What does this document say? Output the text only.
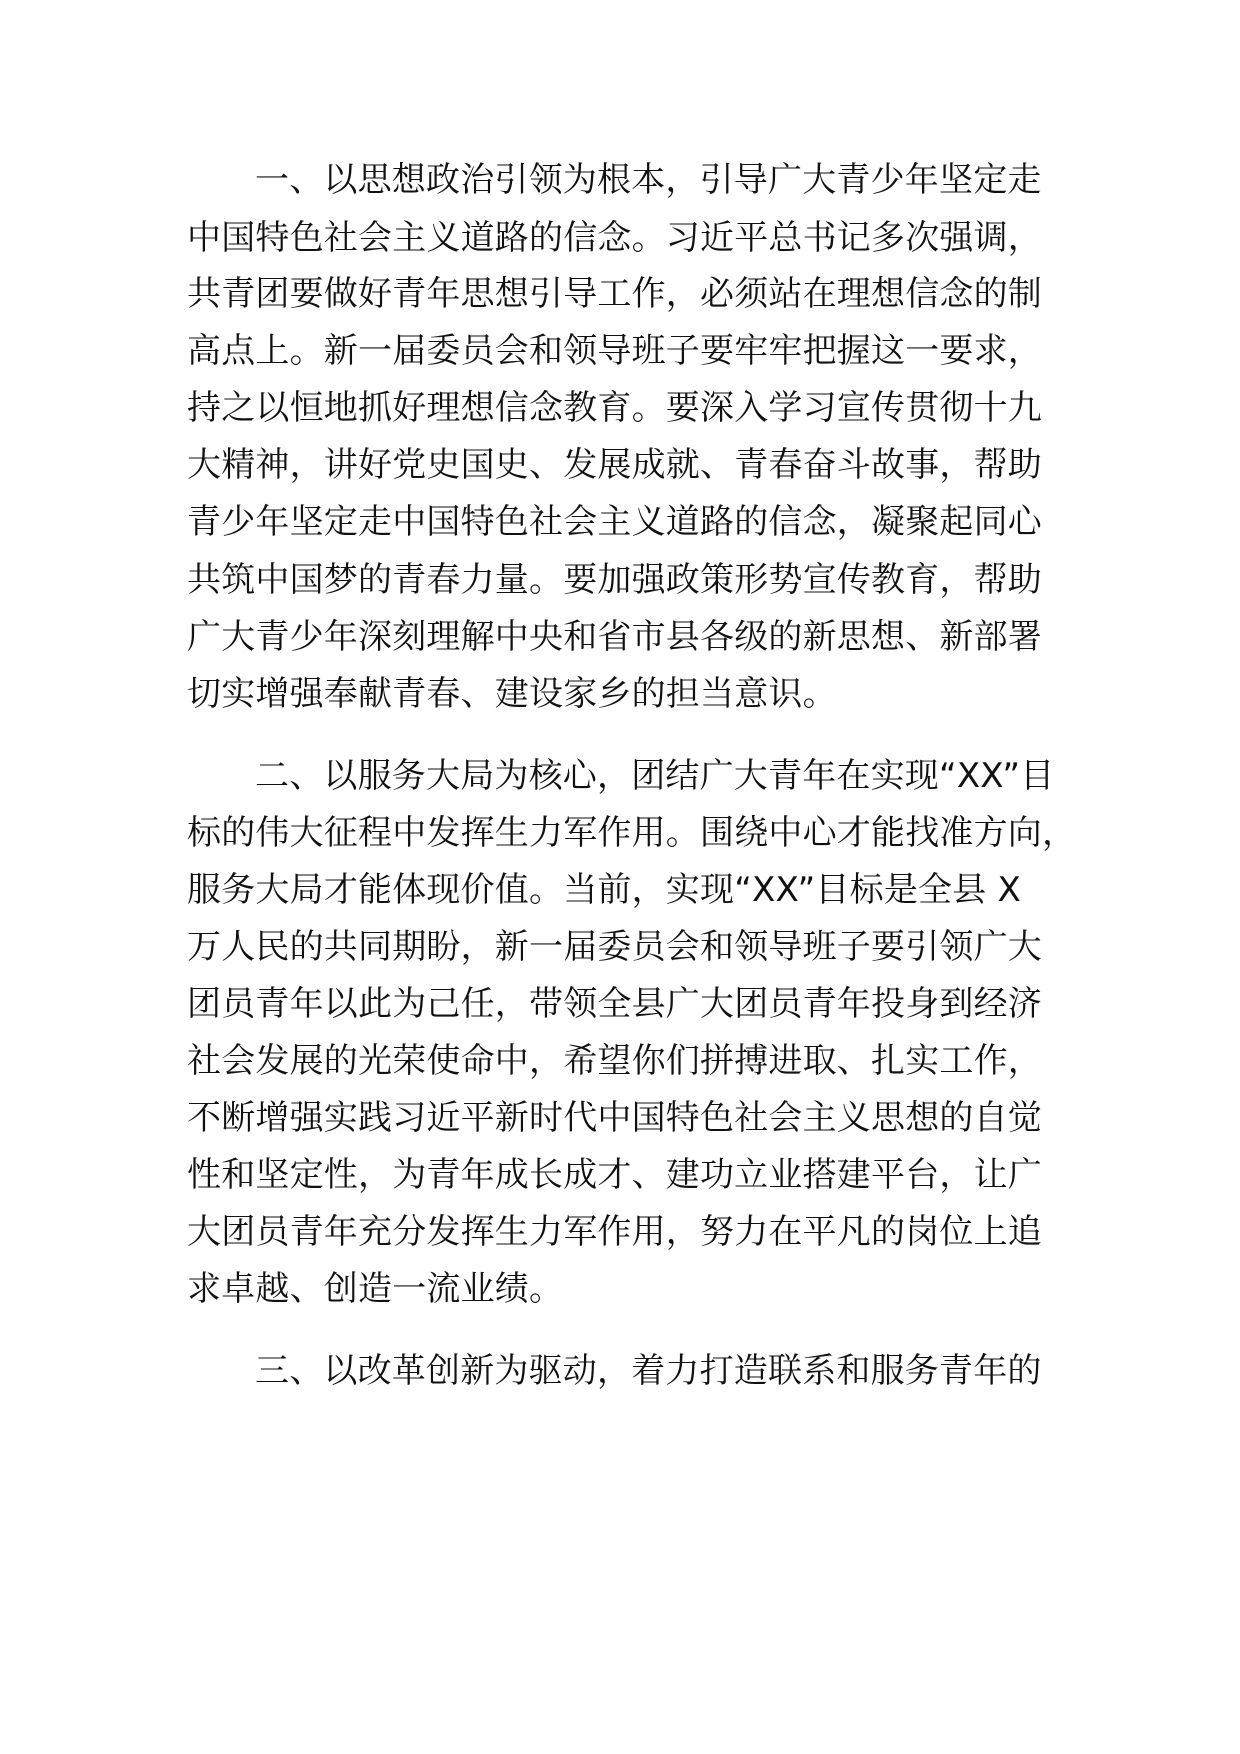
一、以思想政治引领为根本，引导广大青少年坚定走
中国特色社会主义道路的信念。习近平总书记多次强调，
共青团要做好青年思想引导工作，必须站在理想信念的制
高点上。新一届委员会和领导班子要牢牢把握这一要求，
持之以恒地抓好理想信念教育。要深入学习宣传贯彻十九
大精神，讲好党史国史、发展成就、青春奋斗故事，帮助
青少年坚定走中国特色社会主义道路的信念，凝聚起同心
共筑中国梦的青春力量。要加强政策形势宣传教育，帮助
广大青少年深刻理解中央和省市县各级的新思想、新部署
切实增强奉献青春、建设家乡的担当意识。
二、以服务大局为核心，团结广大青年在实现“XX”目
标的伟大征程中发挥生力军作用。围绕中心才能找准方向，
服务大局才能体现价值。当前，实现“XX”目标是全县 X
万人民的共同期盼，新一届委员会和领导班子要引领广大
团员青年以此为己任，带领全县广大团员青年投身到经济
社会发展的光荣使命中，希望你们拼搏进取、扎实工作，
不断增强实践习近平新时代中国特色社会主义思想的自觉
性和坚定性，为青年成长成才、建功立业搭建平台，让广
大团员青年充分发挥生力军作用，努力在平凡的岗位上追
求卓越、创造一流业绩。
三、以改革创新为驱动，着力打造联系和服务青年的
